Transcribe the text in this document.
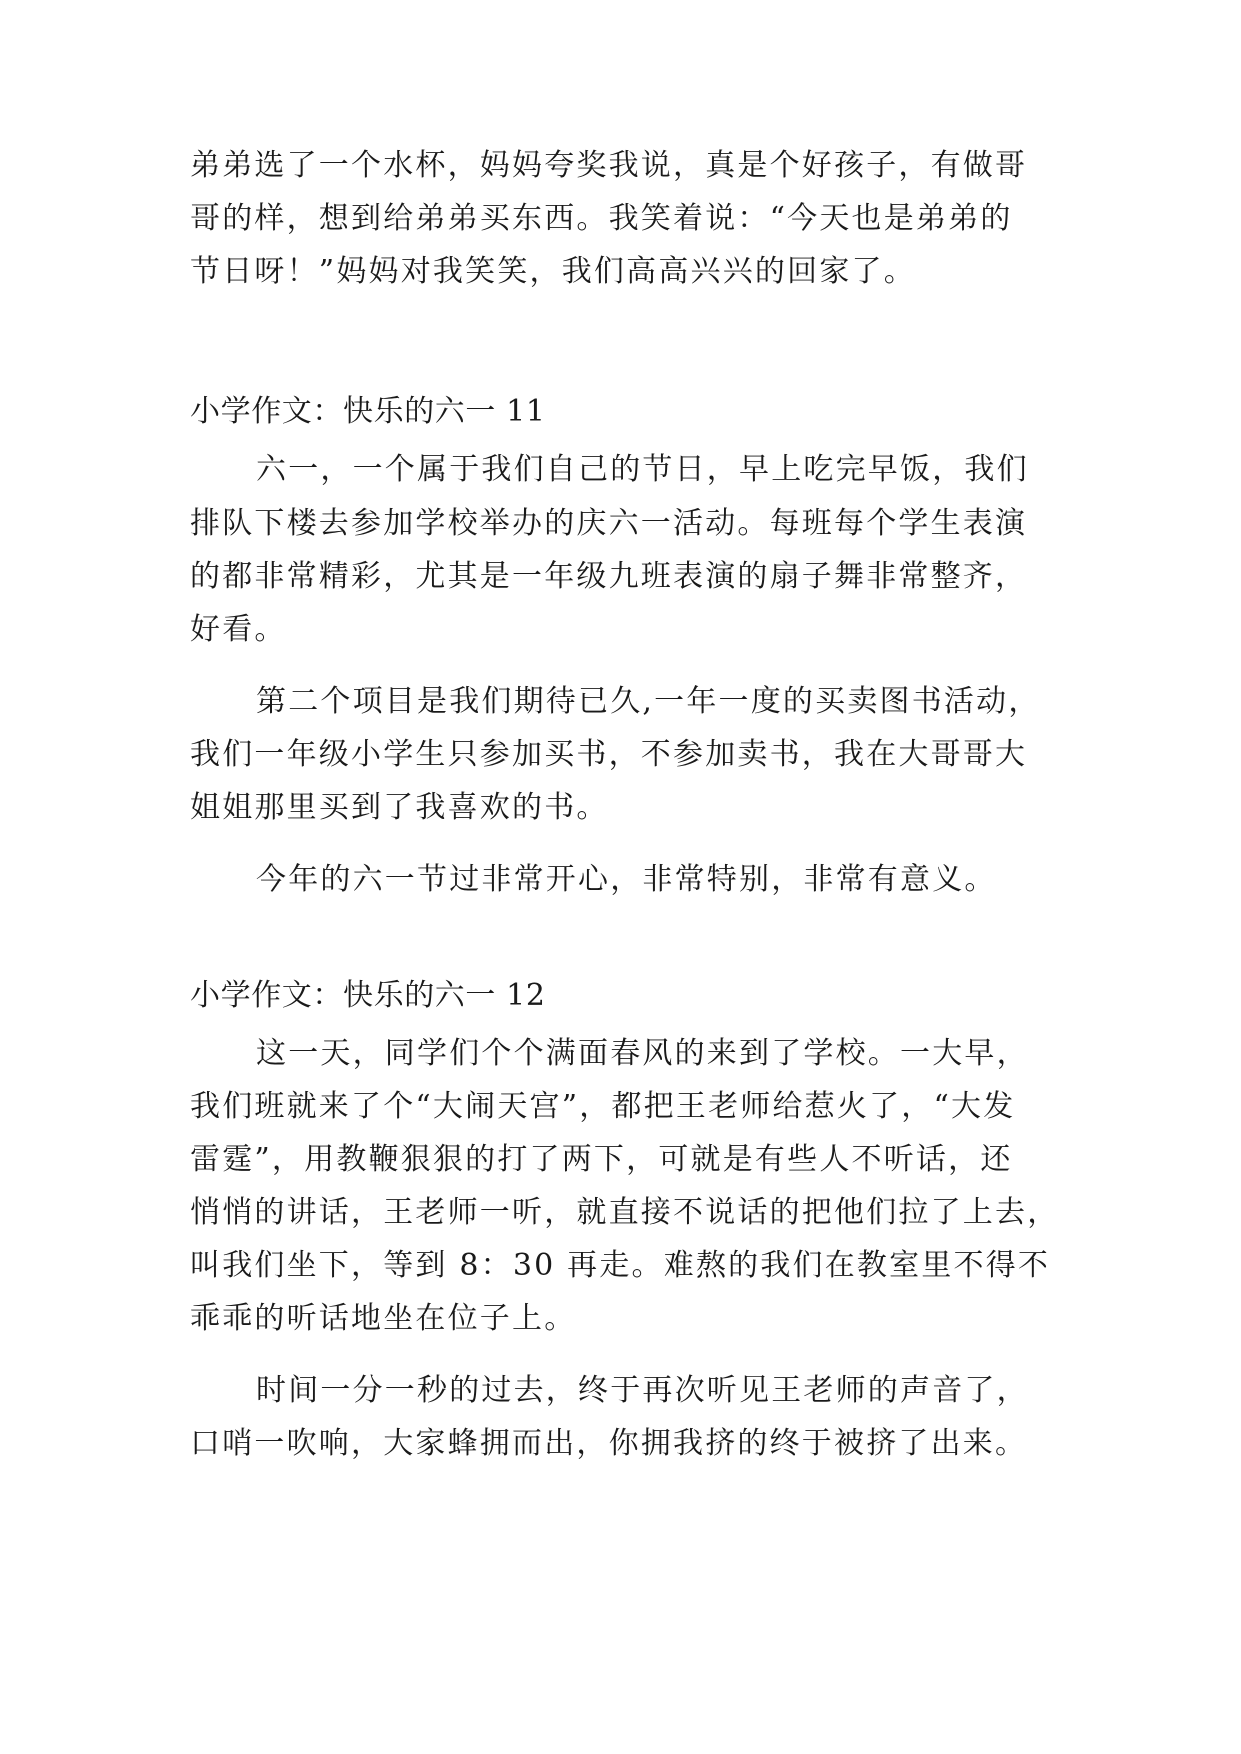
弟弟选了一个水杯，妈妈夸奖我说，真是个好孩子，有做哥
哥的样，想到给弟弟买东西。我笑着说：“今天也是弟弟的
节日呀！”妈妈对我笑笑，我们高高兴兴的回家了。
小学作文：快乐的六一 11
六一，一个属于我们自己的节日，早上吃完早饭，我们
排队下楼去参加学校举办的庆六一活动。每班每个学生表演
的都非常精彩，尤其是一年级九班表演的扇子舞非常整齐，
好看。
第二个项目是我们期待已久,一年一度的买卖图书活动，
我们一年级小学生只参加买书，不参加卖书，我在大哥哥大
姐姐那里买到了我喜欢的书。
今年的六一节过非常开心，非常特别，非常有意义。
小学作文：快乐的六一 12
这一天，同学们个个满面春风的来到了学校。一大早，
我们班就来了个“大闹天宫”，都把王老师给惹火了，“大发
雷霆”，用教鞭狠狠的打了两下，可就是有些人不听话，还
悄悄的讲话，王老师一听，就直接不说话的把他们拉了上去，
叫我们坐下，等到 8：30 再走。难熬的我们在教室里不得不
乖乖的听话地坐在位子上。
时间一分一秒的过去，终于再次听见王老师的声音了，
口哨一吹响，大家蜂拥而出，你拥我挤的终于被挤了出来。
